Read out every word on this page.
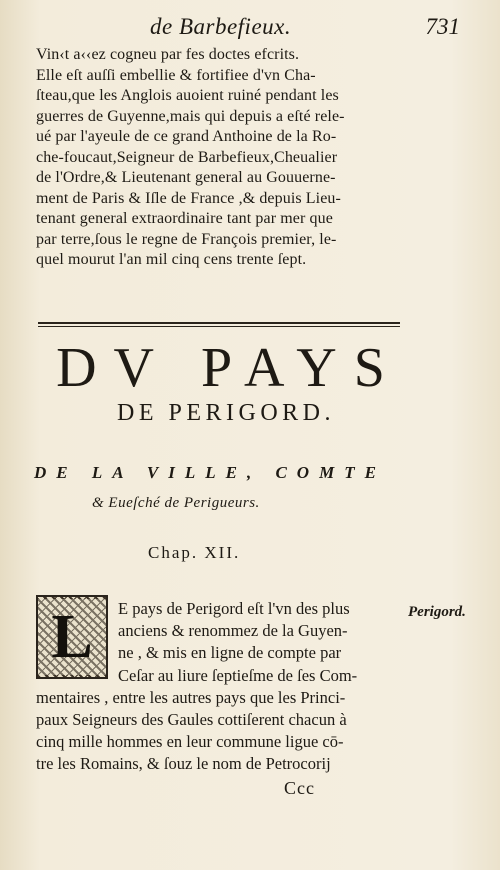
de Barbefieux.	731
Vin‹t a‹‹ez cogneu par fes doctes efcrits.
Elle eſt auſſi embellie & fortifiee d'vn Cha-
ſteau,que les Anglois auoient ruiné pendant les
guerres de Guyenne,mais qui depuis a eſté rele-
ué par l'ayeule de ce grand Anthoine de la Ro-
che-foucaut,Seigneur de Barbefieux,Cheualier
de l'Ordre,& Lieutenant general au Gouuerne-
ment de Paris & Iſle de France ,& depuis Lieu-
tenant general extraordinaire tant par mer que
par terre,ſous le regne de François premier, le-
quel mourut l'an mil cinq cens trente ſept.
DV PAYS
DE PERIGORD.
DE LA VILLE, COMTE
& Eueſché de Perigueurs.
Chap. XII.
L	E pays de Perigord eſt l'vn des plus
anciens & renommez de la Guyen-
ne , & mis en ligne de compte par
Ceſar au liure ſeptieſme de ſes Com-
mentaires , entre les autres pays que les Princi-
paux Seigneurs des Gaules cottiſerent chacun à
cinq mille hommes en leur commune ligue cō-
tre les Romains, & ſouz le nom de Petrocorij
Perigord.
Ccc
